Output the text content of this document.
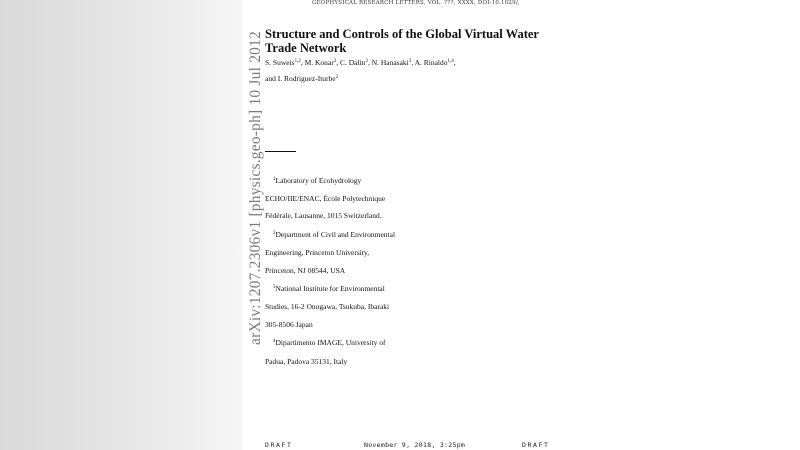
GEOPHYSICAL RESEARCH LETTERS, VOL. ???, XXXX, DOI:10.1029/,
arXiv:1207.2306v1 [physics.geo-ph] 10 Jul 2012 Structure and Controls of the Global Virtual Water
Trade Network
S. Suweis$^{1,2}$, M. Konar$^2$, C. Dalin$^2$, N. Hanasaki$^3$, A. Rinaldo$^{1,4}$,
and I. Rodriguez-Iturbe$^2$
$^1$Laboratory of Ecohydrology
ECHO/IIE/ENAC, École Polytechnique
Fédérale, Lausanne, 1015 Switzerland.
$^2$Department of Civil and Environmental
Engineering, Princeton University,
Princeton, NJ 08544, USA
$^3$National Institute for Environmental
Studies, 16-2 Onogawa, Tsukuba, Ibaraki
305-8506 Japan
$^4$Dipartimento IMAGE, University of
Padua, Padova 35131, Italy
DRAFT	November 9, 2018, 3:25pm	DRAFT
